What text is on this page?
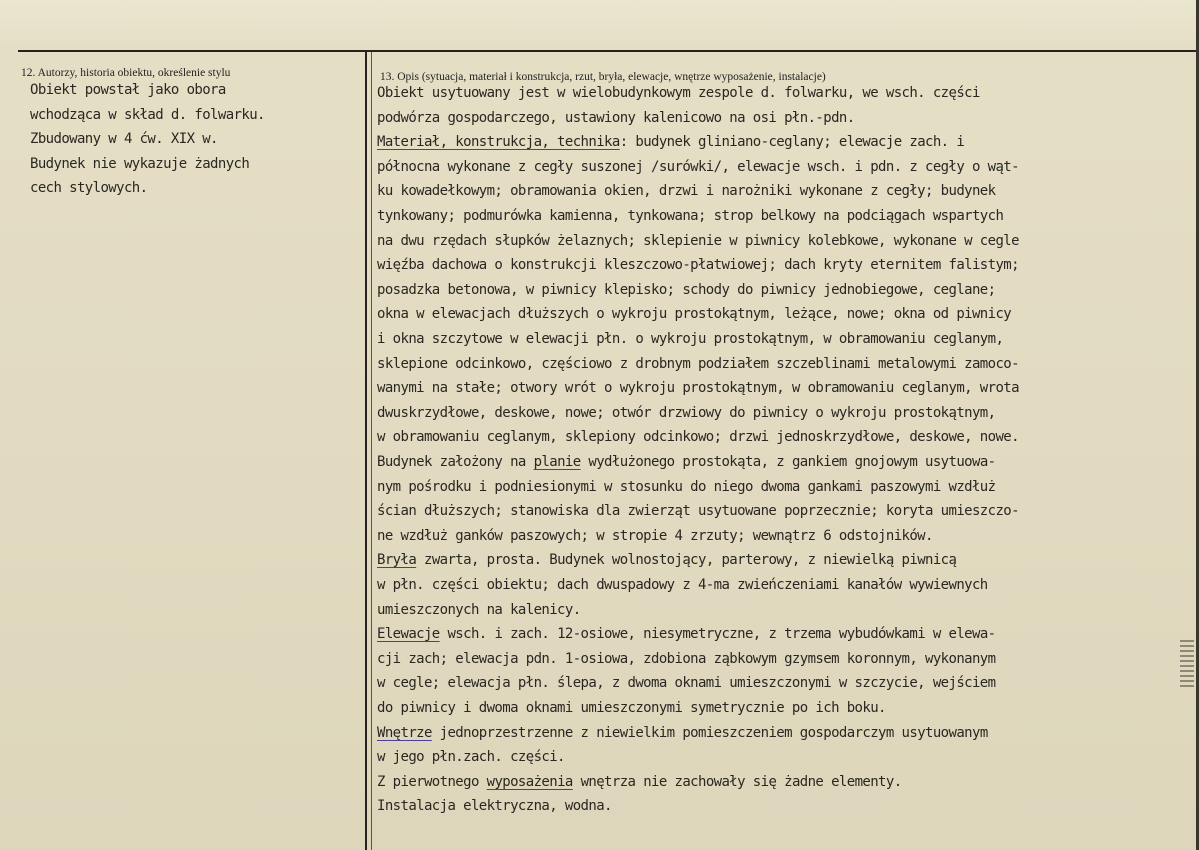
12. Autorzy, historia obiektu, określenie stylu	13. Opis (sytuacja, materiał i konstrukcja, rzut, bryła, elewacje, wnętrze wyposażenie, instalacje)
Obiekt powstał jako obora
wchodząca w skład d. folwarku.
Zbudowany w 4 ćw. XIX w.
Budynek nie wykazuje żadnych
cech stylowych.
Obiekt usytuowany jest w wielobudynkowym zespole d. folwarku, we wsch. części
podwórza gospodarczego, ustawiony kalenicowo na osi płn.-pdn.
Materiał, konstrukcja, technika: budynek gliniano-ceglany; elewacje zach. i
północna wykonane z cegły suszonej /surówki/, elewacje wsch. i pdn. z cegły o wąt-
ku kowadełkowym; obramowania okien, drzwi i narożniki wykonane z cegły; budynek
tynkowany; podmurówka kamienna, tynkowana; strop belkowy na podciągach wspartych
na dwu rzędach słupków żelaznych; sklepienie w piwnicy kolebkowe, wykonane w cegle
więźba dachowa o konstrukcji kleszczowo-płatwiowej; dach kryty eternitem falistym;
posadzka betonowa, w piwnicy klepisko; schody do piwnicy jednobiegowe, ceglane;
okna w elewacjach dłuższych o wykroju prostokątnym, leżące, nowe; okna od piwnicy
i okna szczytowe w elewacji płn. o wykroju prostokątnym, w obramowaniu ceglanym,
sklepione odcinkowo, częściowo z drobnym podziałem szczeblinami metalowymi zamoco-
wanymi na stałe; otwory wrót o wykroju prostokątnym, w obramowaniu ceglanym, wrota
dwuskrzydłowe, deskowe, nowe; otwór drzwiowy do piwnicy o wykroju prostokątnym,
w obramowaniu ceglanym, sklepiony odcinkowo; drzwi jednoskrzydłowe, deskowe, nowe.
Budynek założony na planie wydłużonego prostokąta, z gankiem gnojowym usytuowa-
nym pośrodku i podniesionymi w stosunku do niego dwoma gankami paszowymi wzdłuż
ścian dłuższych; stanowiska dla zwierząt usytuowane poprzecznie; koryta umieszczo-
ne wzdłuż ganków paszowych; w stropie 4 zrzuty; wewnątrz 6 odstojników.
Bryła zwarta, prosta. Budynek wolnostojący, parterowy, z niewielką piwnicą
w płn. części obiektu; dach dwuspadowy z 4-ma zwieńczeniami kanałów wywiewnych
umieszczonych na kalenicy.
Elewacje wsch. i zach. 12-osiowe, niesymetryczne, z trzema wybudówkami w elewa-
cji zach; elewacja pdn. 1-osiowa, zdobiona ząbkowym gzymsem koronnym, wykonanym
w cegle; elewacja płn. ślepa, z dwoma oknami umieszczonymi w szczycie, wejściem
do piwnicy i dwoma oknami umieszczonymi symetrycznie po ich boku.
Wnętrze jednoprzestrzenne z niewielkim pomieszczeniem gospodarczym usytuowanym
w jego płn.zach. części.
Z pierwotnego wyposażenia wnętrza nie zachowały się żadne elementy.
Instalacja elektryczna, wodna.
